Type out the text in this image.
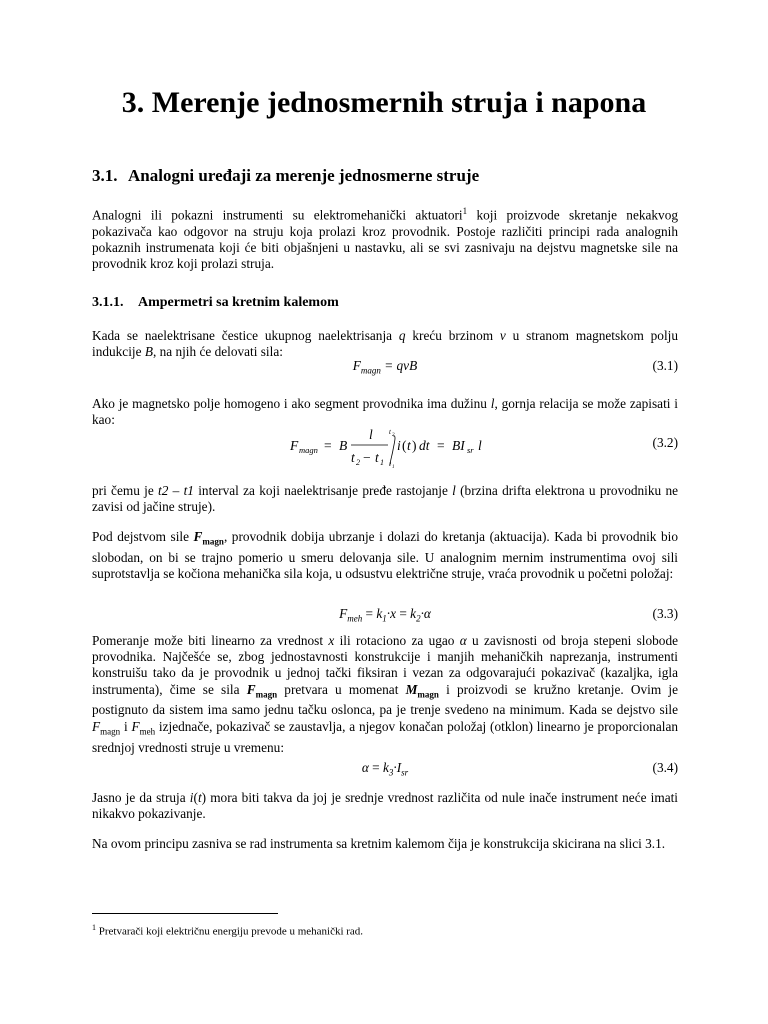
3. Merenje jednosmernih struja i napona
3.1. Analogni uređaji za merenje jednosmerne struje
Analogni ili pokazni instrumenti su elektromehanički aktuatori$^1$ koji proizvode skretanje nekakvog pokazivača kao odgovor na struju koja prolazi kroz provodnik. Postoje različiti principi rada analognih pokaznih instrumenata koji će biti objašnjeni u nastavku, ali se svi zasnivaju na dejstvu magnetske sile na provodnik kroz koji prolazi struja.
3.1.1. Ampermetri sa kretnim kalemom
Kada se naelektrisane čestice ukupnog naelektrisanja q kreću brzinom v u stranom magnetskom polju indukcije B, na njih će delovati sila:
$F_{magn}$ = qvB	(3.1)
Ako je magnetsko polje homogeno i ako segment provodnika ima dužinu l, gornja relacija se može zapisati i kao:
F magn = B
l
t 2 − t 1
t 2
t 1
i ( t ) dt = BI sr l	(3.2)
pri čemu je t2 – t1 interval za koji naelektrisanje pređe rastojanje l (brzina drifta elektrona u provodniku ne zavisi od jačine struje).
Pod dejstvom sile $F_{magn}$, provodnik dobija ubrzanje i dolazi do kretanja (aktuacija). Kada bi provodnik bio slobodan, on bi se trajno pomerio u smeru delovanja sile. U analognim mernim instrumentima ovoj sili suprotstavlja se kočiona mehanička sila koja, u odsustvu električne struje, vraća provodnik u početni položaj:
$F_{meh} = k_1\cdot x = k_2\cdot\alpha$	(3.3)
Pomeranje može biti linearno za vrednost x ili rotaciono za ugao α u zavisnosti od broja stepeni slobode provodnika. Najčešće se, zbog jednostavnosti konstrukcije i manjih mehaničkih naprezanja, instrumenti konstruišu tako da je provodnik u jednoj tački fiksiran i vezan za odgovarajući pokazivač (kazaljka, igla instrumenta), čime se sila $F_{magn}$ pretvara u momenat $M_{magn}$ i proizvodi se kružno kretanje. Ovim je postignuto da sistem ima samo jednu tačku oslonca, pa je trenje svedeno na minimum. Kada se dejstvo sile $F_{magn}$ i $F_{meh}$ izjednače, pokazivač se zaustavlja, a njegov konačan položaj (otklon) linearno je proporcionalan srednjoj vrednosti struje u vremenu:
$\alpha = k_3\cdot I_{sr}$	(3.4)
Jasno je da struja i(t) mora biti takva da joj je srednje vrednost različita od nule inače instrument neće imati nikakvo pokazivanje.
Na ovom principu zasniva se rad instrumenta sa kretnim kalemom čija je konstrukcija skicirana na slici 3.1.
$^1$ Pretvarači koji električnu energiju prevode u mehanički rad.
